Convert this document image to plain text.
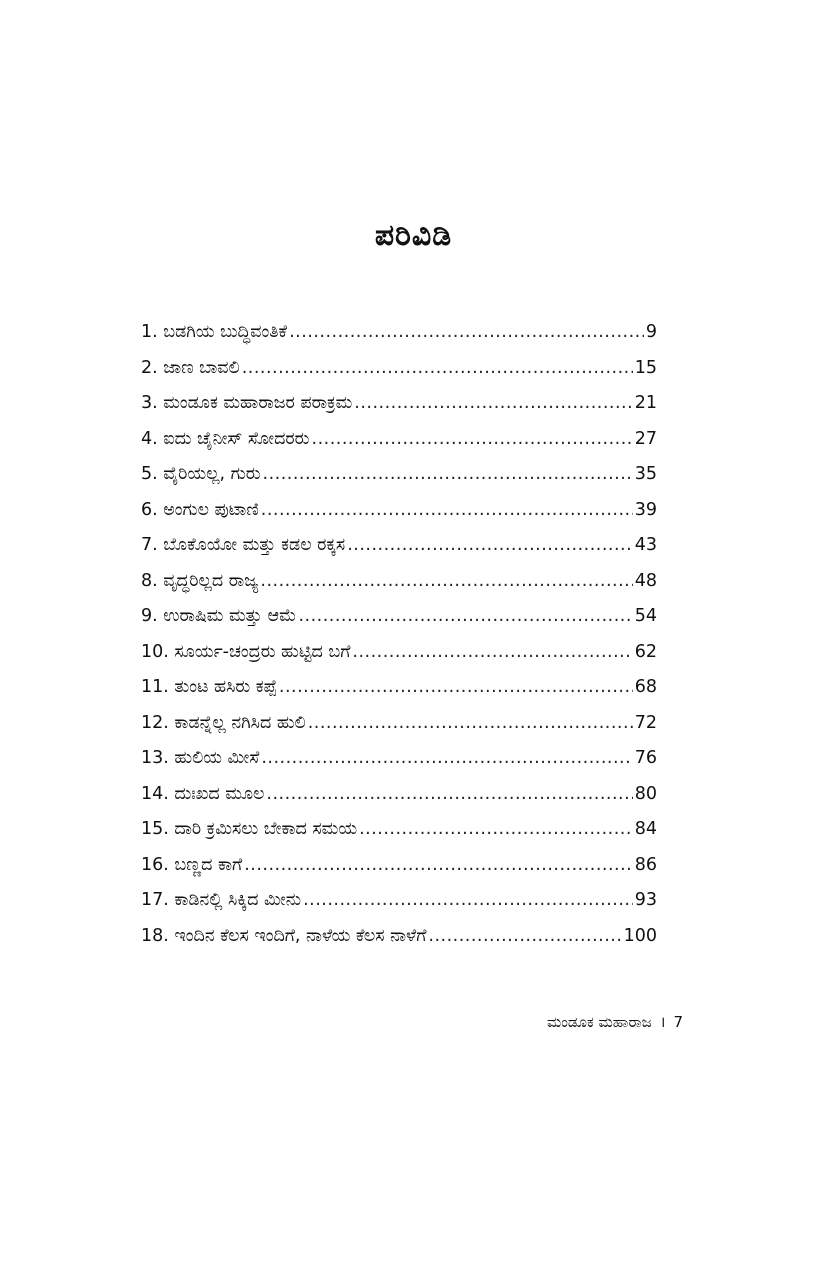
ಪರಿವಿಡಿ
1. ಬಡಗಿಯ ಬುದ್ಧಿವಂತಿಕೆ .....	9
2. ಜಾಣ ಬಾವಲಿ .....	15
3. ಮಂಡೂಕ ಮಹಾರಾಜರ ಪರಾಕ್ರಮ .....	21
4. ಐದು ಚೈನೀಸ್ ಸೋದರರು .....	27
5. ವೈರಿಯಲ್ಲ, ಗುರು .....	35
6. ಅಂಗುಲ ಪುಟಾಣಿ .....	39
7. ಬೊಕೊಯೋ ಮತ್ತು ಕಡಲ ರಕ್ಕಸ .....	43
8. ವೃದ್ಧರಿಲ್ಲದ ರಾಜ್ಯ .....	48
9. ಉರಾಷಿಮ ಮತ್ತು ಆಮೆ .....	54
10. ಸೂರ್ಯ-ಚಂದ್ರರು ಹುಟ್ಟಿದ ಬಗೆ .....	62
11. ತುಂಟ ಹಸಿರು ಕಪ್ಪೆ .....	68
12. ಕಾಡನ್ನೆಲ್ಲ ನಗಿಸಿದ ಹುಲಿ .....	72
13. ಹುಲಿಯ ಮೀಸೆ .....	76
14. ದುಃಖದ ಮೂಲ .....	80
15. ದಾರಿ ಕ್ರಮಿಸಲು ಬೇಕಾದ ಸಮಯ .....	84
16. ಬಣ್ಣದ ಕಾಗೆ .....	86
17. ಕಾಡಿನಲ್ಲಿ ಸಿಕ್ಕಿದ ಮೀನು .....	93
18. ಇಂದಿನ ಕೆಲಸ ಇಂದಿಗೆ, ನಾಳೆಯ ಕೆಲಸ ನಾಳೆಗೆ .....	100
ಮಂಡೂಕ ಮಹಾರಾಜ । 7
